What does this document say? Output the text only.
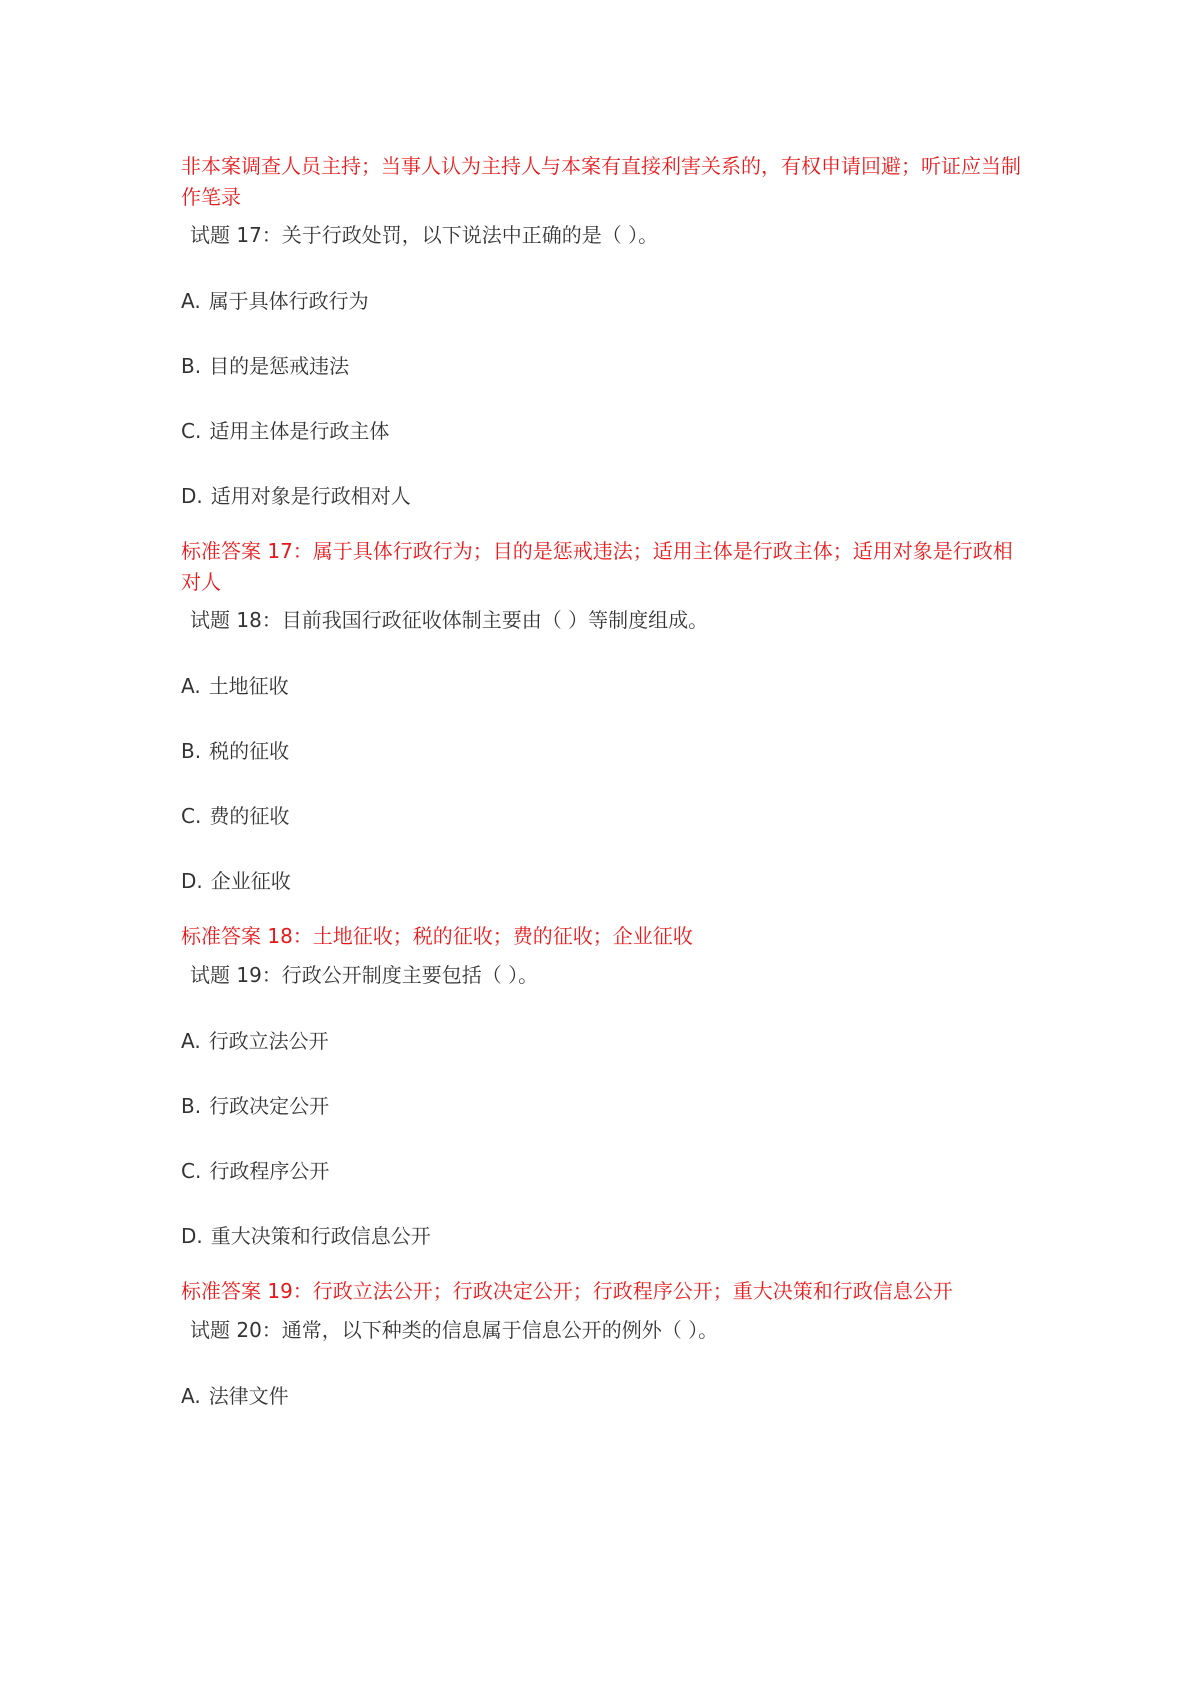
非本案调查人员主持；当事人认为主持人与本案有直接利害关系的，有权申请回避；听证应当制作笔录
试题 17：关于行政处罚，以下说法中正确的是（ ）。
A. 属于具体行政行为
B. 目的是惩戒违法
C. 适用主体是行政主体
D. 适用对象是行政相对人
标准答案 17：属于具体行政行为；目的是惩戒违法；适用主体是行政主体；适用对象是行政相对人
试题 18：目前我国行政征收体制主要由（ ）等制度组成。
A. 土地征收
B. 税的征收
C. 费的征收
D. 企业征收
标准答案 18：土地征收；税的征收；费的征收；企业征收
试题 19：行政公开制度主要包括（ ）。
A. 行政立法公开
B. 行政决定公开
C. 行政程序公开
D. 重大决策和行政信息公开
标准答案 19：行政立法公开；行政决定公开；行政程序公开；重大决策和行政信息公开
试题 20：通常，以下种类的信息属于信息公开的例外（ ）。
A. 法律文件
